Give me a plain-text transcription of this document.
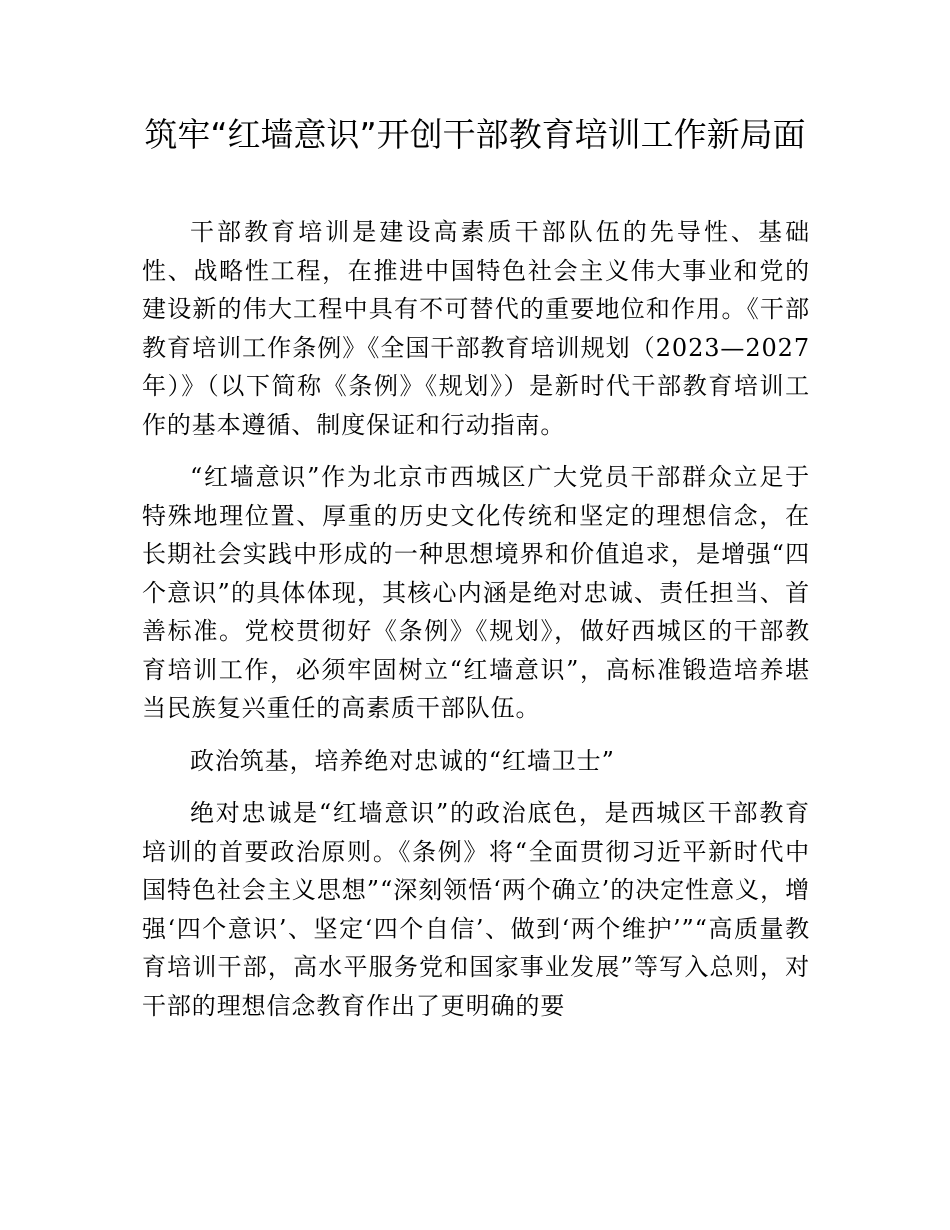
筑牢“红墙意识”开创干部教育培训工作新局面

干部教育培训是建设高素质干部队伍的先导性、基础性、战略性工程，在推进中国特色社会主义伟大事业和党的建设新的伟大工程中具有不可替代的重要地位和作用。《干部教育培训工作条例》《全国干部教育培训规划（2023—2027年）》（以下简称《条例》《规划》）是新时代干部教育培训工作的基本遵循、制度保证和行动指南。

“红墙意识”作为北京市西城区广大党员干部群众立足于特殊地理位置、厚重的历史文化传统和坚定的理想信念，在长期社会实践中形成的一种思想境界和价值追求，是增强“四个意识”的具体体现，其核心内涵是绝对忠诚、责任担当、首善标准。党校贯彻好《条例》《规划》，做好西城区的干部教育培训工作，必须牢固树立“红墙意识”，高标准锻造培养堪当民族复兴重任的高素质干部队伍。

政治筑基，培养绝对忠诚的“红墙卫士”

绝对忠诚是“红墙意识”的政治底色，是西城区干部教育培训的首要政治原则。《条例》将“全面贯彻习近平新时代中国特色社会主义思想”“深刻领悟‘两个确立’的决定性意义，增强‘四个意识’、坚定‘四个自信’、做到‘两个维护’”“高质量教育培训干部，高水平服务党和国家事业发展”等写入总则，对干部的理想信念教育作出了更明确的要
